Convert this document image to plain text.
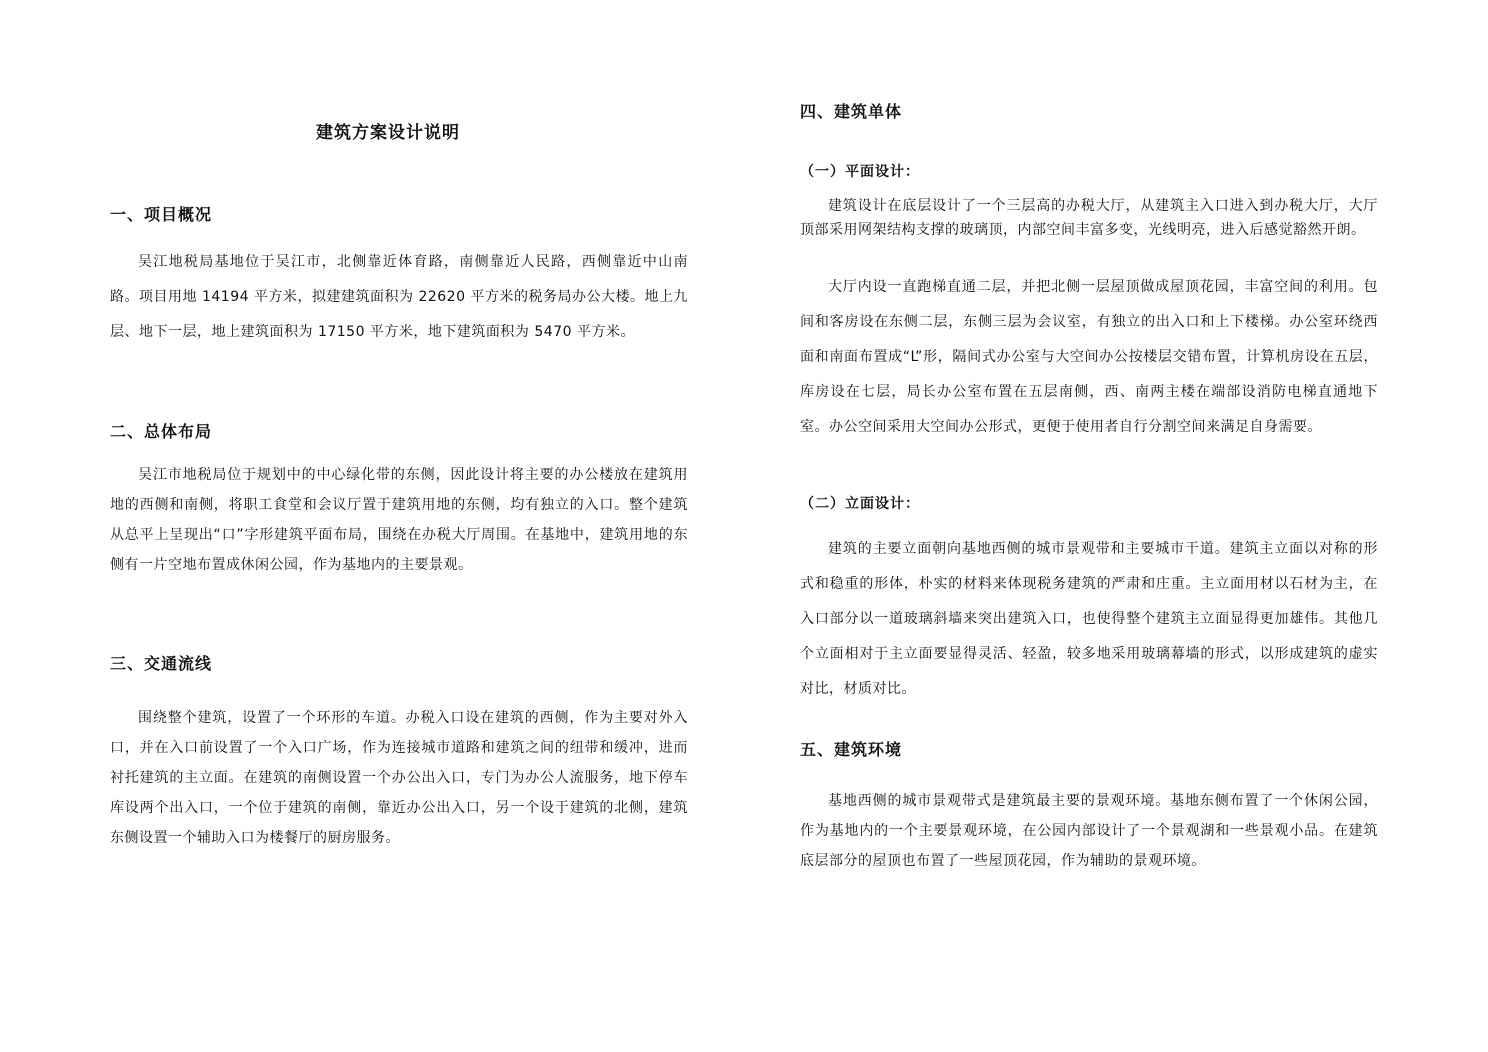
建筑方案设计说明
一、项目概况

吴江地税局基地位于吴江市，北侧靠近体育路，南侧靠近人民路，西侧靠近中山南路。项目用地 14194 平方米，拟建建筑面积为 22620 平方米的税务局办公大楼。地上九层、地下一层，地上建筑面积为 17150 平方米，地下建筑面积为 5470 平方米。

二、总体布局

吴江市地税局位于规划中的中心绿化带的东侧，因此设计将主要的办公楼放在建筑用地的西侧和南侧，将职工食堂和会议厅置于建筑用地的东侧，均有独立的入口。整个建筑从总平上呈现出“口”字形建筑平面布局，围绕在办税大厅周围。在基地中，建筑用地的东侧有一片空地布置成休闲公园，作为基地内的主要景观。

三、交通流线

围绕整个建筑，设置了一个环形的车道。办税入口设在建筑的西侧，作为主要对外入口，并在入口前设置了一个入口广场，作为连接城市道路和建筑之间的纽带和缓冲，进而衬托建筑的主立面。在建筑的南侧设置一个办公出入口，专门为办公人流服务，地下停车库设两个出入口，一个位于建筑的南侧，靠近办公出入口，另一个设于建筑的北侧，建筑东侧设置一个辅助入口为楼餐厅的厨房服务。

四、建筑单体
（一）平面设计：

建筑设计在底层设计了一个三层高的办税大厅，从建筑主入口进入到办税大厅，大厅顶部采用网架结构支撑的玻璃顶，内部空间丰富多变，光线明亮，进入后感觉豁然开朗。

大厅内设一直跑梯直通二层，并把北侧一层屋顶做成屋顶花园，丰富空间的利用。包间和客房设在东侧二层，东侧三层为会议室，有独立的出入口和上下楼梯。办公室环绕西面和南面布置成“L”形，隔间式办公室与大空间办公按楼层交错布置，计算机房设在五层，库房设在七层，局长办公室布置在五层南侧，西、南两主楼在端部设消防电梯直通地下室。办公空间采用大空间办公形式，更便于使用者自行分割空间来满足自身需要。

（二）立面设计：

建筑的主要立面朝向基地西侧的城市景观带和主要城市干道。建筑主立面以对称的形式和稳重的形体，朴实的材料来体现税务建筑的严肃和庄重。主立面用材以石材为主，在入口部分以一道玻璃斜墙来突出建筑入口，也使得整个建筑主立面显得更加雄伟。其他几个立面相对于主立面要显得灵活、轻盈，较多地采用玻璃幕墙的形式，以形成建筑的虚实对比，材质对比。

五、建筑环境

基地西侧的城市景观带式是建筑最主要的景观环境。基地东侧布置了一个休闲公园，作为基地内的一个主要景观环境，在公园内部设计了一个景观湖和一些景观小品。在建筑底层部分的屋顶也布置了一些屋顶花园，作为辅助的景观环境。
